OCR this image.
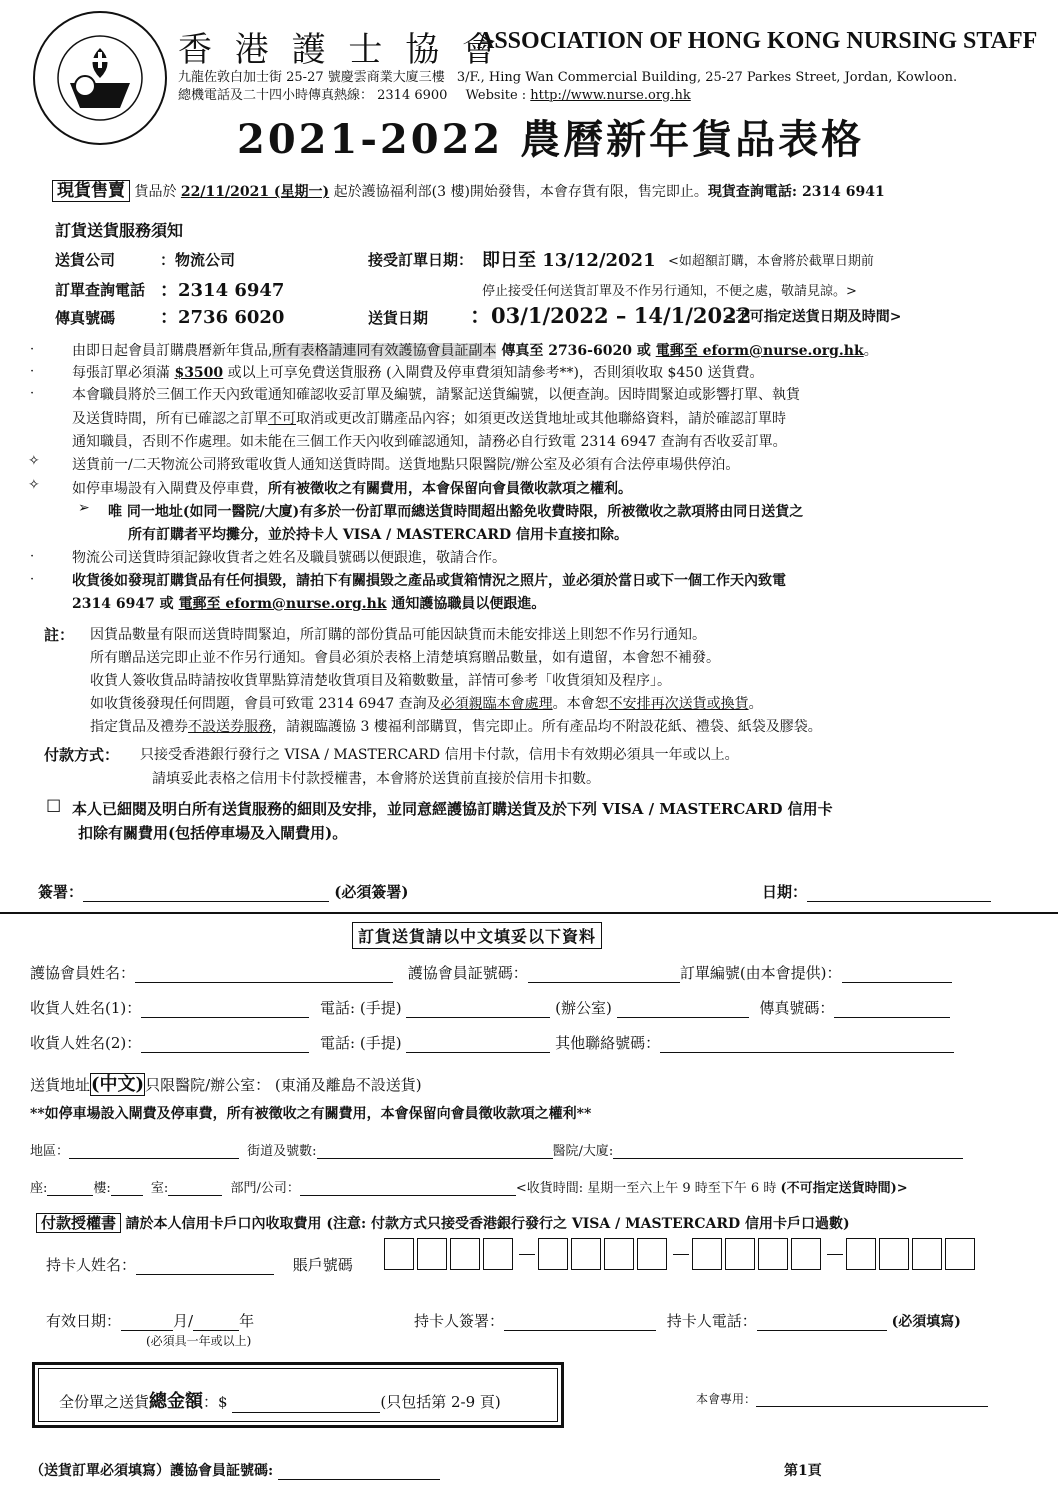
香 港 護 士 協 會
ASSOCIATION OF HONG KONG NURSING STAFF
九龍佐敦白加士街 25-27 號慶雲商業大廈三樓 3/F., Hing Wan Commercial Building, 25-27 Parkes Street, Jordan, Kowloon.
總機電話及二十四小時傳真熱線： 2314 6900 Website : http://www.nurse.org.hk
2021-2022 農曆新年貨品表格
現貨售賣 貨品於 22/11/2021 (星期一) 起於護協福利部(3 樓)開始發售，本會存貨有限，售完即止。現貨查詢電話: 2314 6941
訂貨送貨服務須知
送貨公司	：物流公司	接受訂單日期： 即日至 13/12/2021 <如超額訂購，本會將於截單日期前
訂單查詢電話 ：2314 6947	停止接受任何送貨訂單及不作另行通知，不便之處，敬請見諒。>
傳真號碼 ：2736 6020	送貨日期 ：03/1/2022 – 14/1/2022
<不可指定送貨日期及時間>
·	由即日起會員訂購農曆新年貨品,所有表格請連同有效護協會員証副本 傳真至 2736-6020 或 電郵至 eform@nurse.org.hk。
·	每張訂單必須滿 $3500 或以上可享免費送貨服務 (入閘費及停車費須知請參考**)，否則須收取 $450 送貨費。
·	本會職員將於三個工作天內致電通知確認收妥訂單及編號，請緊記送貨編號，以便查詢。因時間緊迫或影響打單、執貨
及送貨時間，所有已確認之訂單不可取消或更改訂購產品內容；如須更改送貨地址或其他聯絡資料，請於確認訂單時
通知職員，否則不作處理。如未能在三個工作天內收到確認通知，請務必自行致電 2314 6947 查詢有否收妥訂單。
✧ 送貨前一/二天物流公司將致電收貨人通知送貨時間。送貨地點只限醫院/辦公室及必須有合法停車場供停泊。
✧ 如停車場設有入閘費及停車費，所有被徵收之有關費用，本會保留向會員徵收款項之權利。
➢ 唯 同一地址(如同一醫院/大廈)有多於一份訂單而總送貨時間超出豁免收費時限，所被徵收之款項將由同日送貨之
所有訂購者平均攤分，並於持卡人 VISA / MASTERCARD 信用卡直接扣除。
·	物流公司送貨時須記錄收貨者之姓名及職員號碼以便跟進，敬請合作。
·	收貨後如發現訂購貨品有任何損毀，請拍下有關損毀之產品或貨箱情況之照片，並必須於當日或下一個工作天內致電
2314 6947 或 電郵至 eform@nurse.org.hk 通知護協職員以便跟進。
註： 因貨品數量有限而送貨時間緊迫，所訂購的部份貨品可能因缺貨而未能安排送上則恕不作另行通知。
所有贈品送完即止並不作另行通知。會員必須於表格上清楚填寫贈品數量，如有遺留，本會恕不補發。
收貨人簽收貨品時請按收貨單點算清楚收貨項目及箱數數量，詳情可參考「收貨須知及程序」。
如收貨後發現任何問題，會員可致電 2314 6947 查詢及必須親臨本會處理。本會恕不安排再次送貨或換貨。
指定貨品及禮券不設送券服務，請親臨護協 3 樓福利部購買，售完即止。所有產品均不附設花紙、禮袋、紙袋及膠袋。
付款方式： 只接受香港銀行發行之 VISA / MASTERCARD 信用卡付款，信用卡有效期必須具一年或以上。
請填妥此表格之信用卡付款授權書，本會將於送貨前直接於信用卡扣數。
☐ 本人已細閱及明白所有送貨服務的細則及安排，並同意經護協訂購送貨及於下列 VISA / MASTERCARD 信用卡
扣除有關費用(包括停車場及入閘費用)。
簽署：	(必須簽署)	日期：
訂貨送貨請以中文填妥以下資料
護協會員姓名：	護協會員証號碼：	訂單編號(由本會提供)：
收貨人姓名(1)：	電話: (手提)	(辦公室)	傳真號碼：
收貨人姓名(2)：	電話: (手提)	其他聯絡號碼：
送貨地址(中文)只限醫院/辦公室： (東涌及離島不設送貨)
**如停車場設入閘費及停車費，所有被徵收之有關費用，本會保留向會員徵收款項之權利**
地區：	街道及號數:	醫院/大廈:
座:	樓:	室:	部門/公司：	<收貨時間: 星期一至六上午 9 時至下午 6 時 (不可指定送貨時間)>
付款授權書 請於本人信用卡戶口內收取費用 (注意: 付款方式只接受香港銀行發行之 VISA / MASTERCARD 信用卡戶口過數)
持卡人姓名：	賬戶號碼
有效日期：	月/	年
(必須具一年或以上)
持卡人簽署：	持卡人電話：	(必須填寫)
全份單之送貨總金額：$	(只包括第 2-9 頁)	本會專用：
（送貨訂單必須填寫）護協會員証號碼:	第1頁
